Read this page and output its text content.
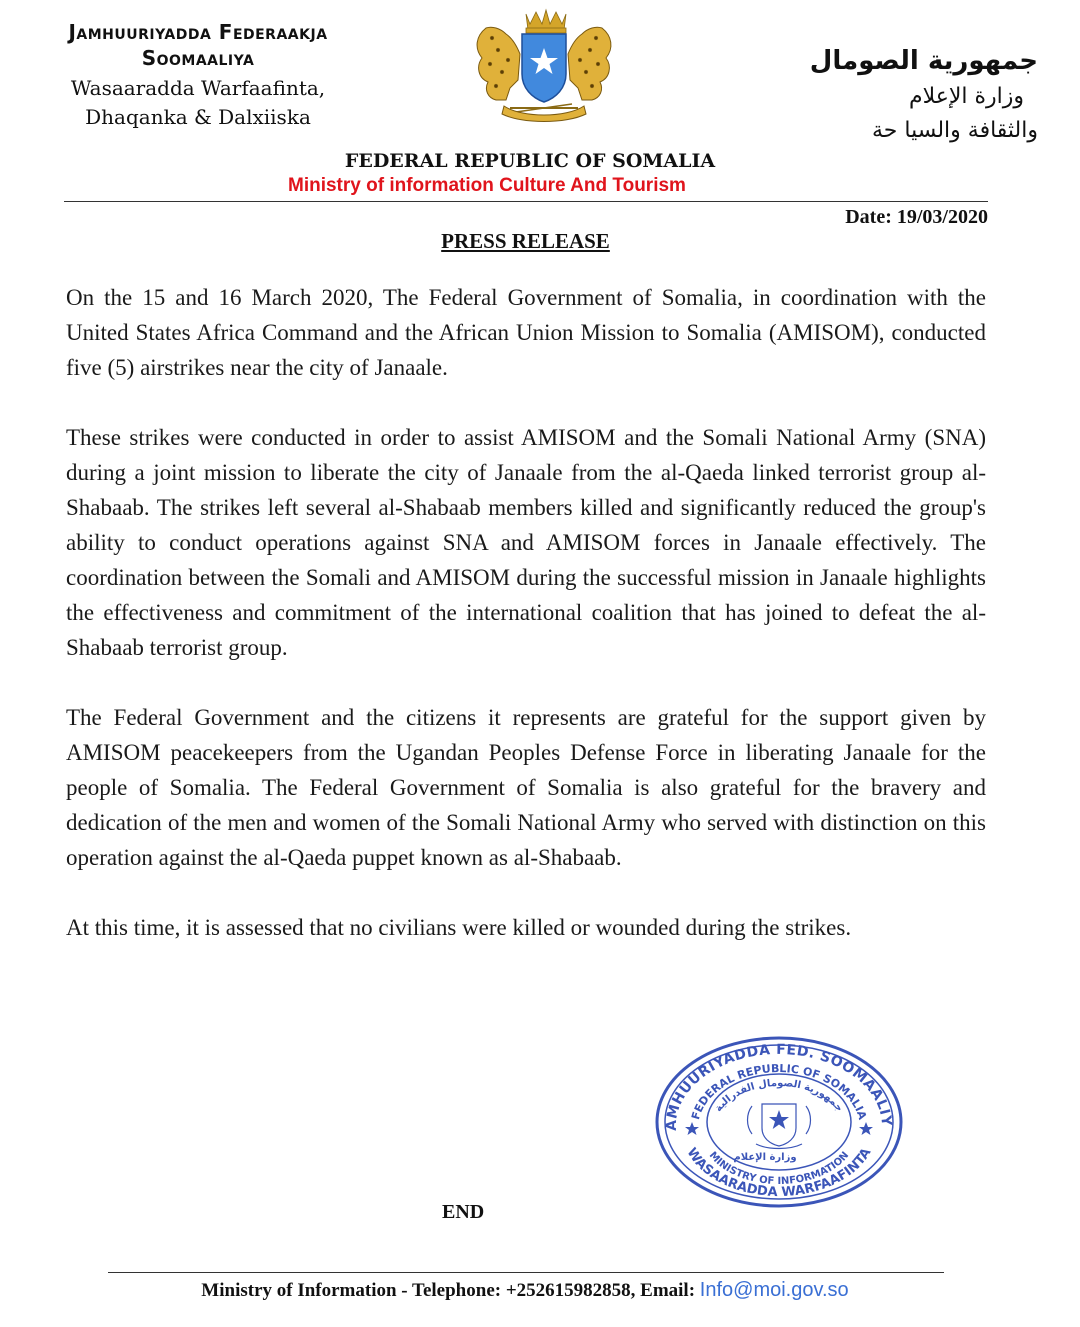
Jamhuuriyadda Federaakja
Soomaaliya
Wasaaradda Warfaafinta,
Dhaqanka & Dalxiiska
جمهورية الصومال
وزارة الإعلام
والثقافة والسيا حة
FEDERAL REPUBLIC OF SOMALIA
Ministry of information Culture And Tourism
Date: 19/03/2020
PRESS RELEASE

On the 15 and 16 March 2020, The Federal Government of Somalia, in coordination with the United States Africa Command and the African Union Mission to Somalia (AMISOM), conducted five (5) airstrikes near the city of Janaale.

These strikes were conducted in order to assist AMISOM and the Somali National Army (SNA) during a joint mission to liberate the city of Janaale from the al-Qaeda linked terrorist group al-Shabaab. The strikes left several al-Shabaab members killed and significantly reduced the group's ability to conduct operations against SNA and AMISOM forces in Janaale effectively. The coordination between the Somali and AMISOM during the successful mission in Janaale highlights the effectiveness and commitment of the international coalition that has joined to defeat the al-Shabaab terrorist group.

The Federal Government and the citizens it represents are grateful for the support given by AMISOM peacekeepers from the Ugandan Peoples Defense Force in liberating Janaale for the people of Somalia. The Federal Government of Somalia is also grateful for the bravery and dedication of the men and women of the Somali National Army who served with distinction on this operation against the al-Qaeda puppet known as al-Shabaab.

At this time, it is assessed that no civilians were killed or wounded during the strikes.

AMHUURIYADDA FED. SOOMAALIY
FEDERAL REPUBLIC OF SOMALIA
جمهورية الصومال الفدرالية
WASAARADDA WARFAAFINTA
MINISTRY OF INFORMATION
وزارة الإعلام
END
Ministry of Information - Telephone: +252615982858, Email: Info@moi.gov.so
